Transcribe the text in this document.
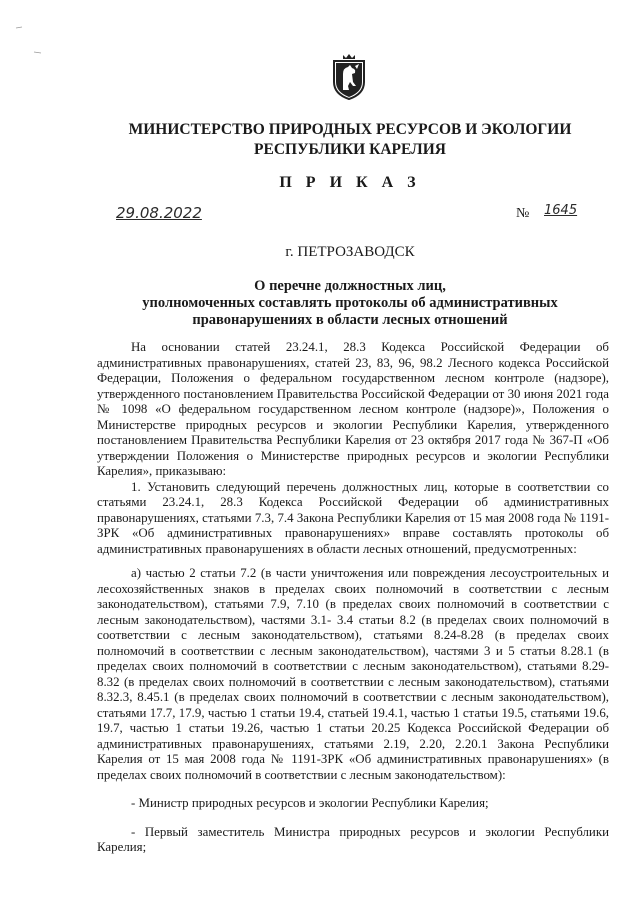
МИНИСТЕРСТВО ПРИРОДНЫХ РЕСУРСОВ И ЭКОЛОГИИ
РЕСПУБЛИКИ КАРЕЛИЯ
П Р И К А З
29.08.2022	№ 1645
г. ПЕТРОЗАВОДСК
О перечне должностных лиц,
уполномоченных составлять протоколы об административных
правонарушениях в области лесных отношений

На основании статей 23.24.1, 28.3 Кодекса Российской Федерации об административных правонарушениях, статей 23, 83, 96, 98.2 Лесного кодекса Российской Федерации, Положения о федеральном государственном лесном контроле (надзоре), утвержденного постановлением Правительства Российской Федерации от 30 июня 2021 года № 1098 «О федеральном государственном лесном контроле (надзоре)», Положения о Министерстве природных ресурсов и экологии Республики Карелия, утвержденного постановлением Правительства Республики Карелия от 23 октября 2017 года № 367-П «Об утверждении Положения о Министерстве природных ресурсов и экологии Республики Карелия», приказываю:

1. Установить следующий перечень должностных лиц, которые в соответствии со статьями 23.24.1, 28.3 Кодекса Российской Федерации об административных правонарушениях, статьями 7.3, 7.4 Закона Республики Карелия от 15 мая 2008 года № 1191-ЗРК «Об административных правонарушениях» вправе составлять протоколы об административных правонарушениях в области лесных отношений, предусмотренных:

а) частью 2 статьи 7.2 (в части уничтожения или повреждения лесоустроительных и лесохозяйственных знаков в пределах своих полномочий в соответствии с лесным законодательством), статьями 7.9, 7.10 (в пределах своих полномочий в соответствии с лесным законодательством), частями 3.1- 3.4 статьи 8.2 (в пределах своих полномочий в соответствии с лесным законодательством), статьями 8.24-8.28 (в пределах своих полномочий в соответствии с лесным законодательством), частями 3 и 5 статьи 8.28.1 (в пределах своих полномочий в соответствии с лесным законодательством), статьями 8.29-8.32 (в пределах своих полномочий в соответствии с лесным законодательством), статьями 8.32.3, 8.45.1 (в пределах своих полномочий в соответствии с лесным законодательством), статьями 17.7, 17.9, частью 1 статьи 19.4, статьей 19.4.1, частью 1 статьи 19.5, статьями 19.6, 19.7, частью 1 статьи 19.26, частью 1 статьи 20.25 Кодекса Российской Федерации об административных правонарушениях, статьями 2.19, 2.20, 2.20.1 Закона Республики Карелия от 15 мая 2008 года № 1191-ЗРК «Об административных правонарушениях» (в пределах своих полномочий в соответствии с лесным законодательством):

- Министр природных ресурсов и экологии Республики Карелия;

- Первый заместитель Министра природных ресурсов и экологии Республики Карелия;
